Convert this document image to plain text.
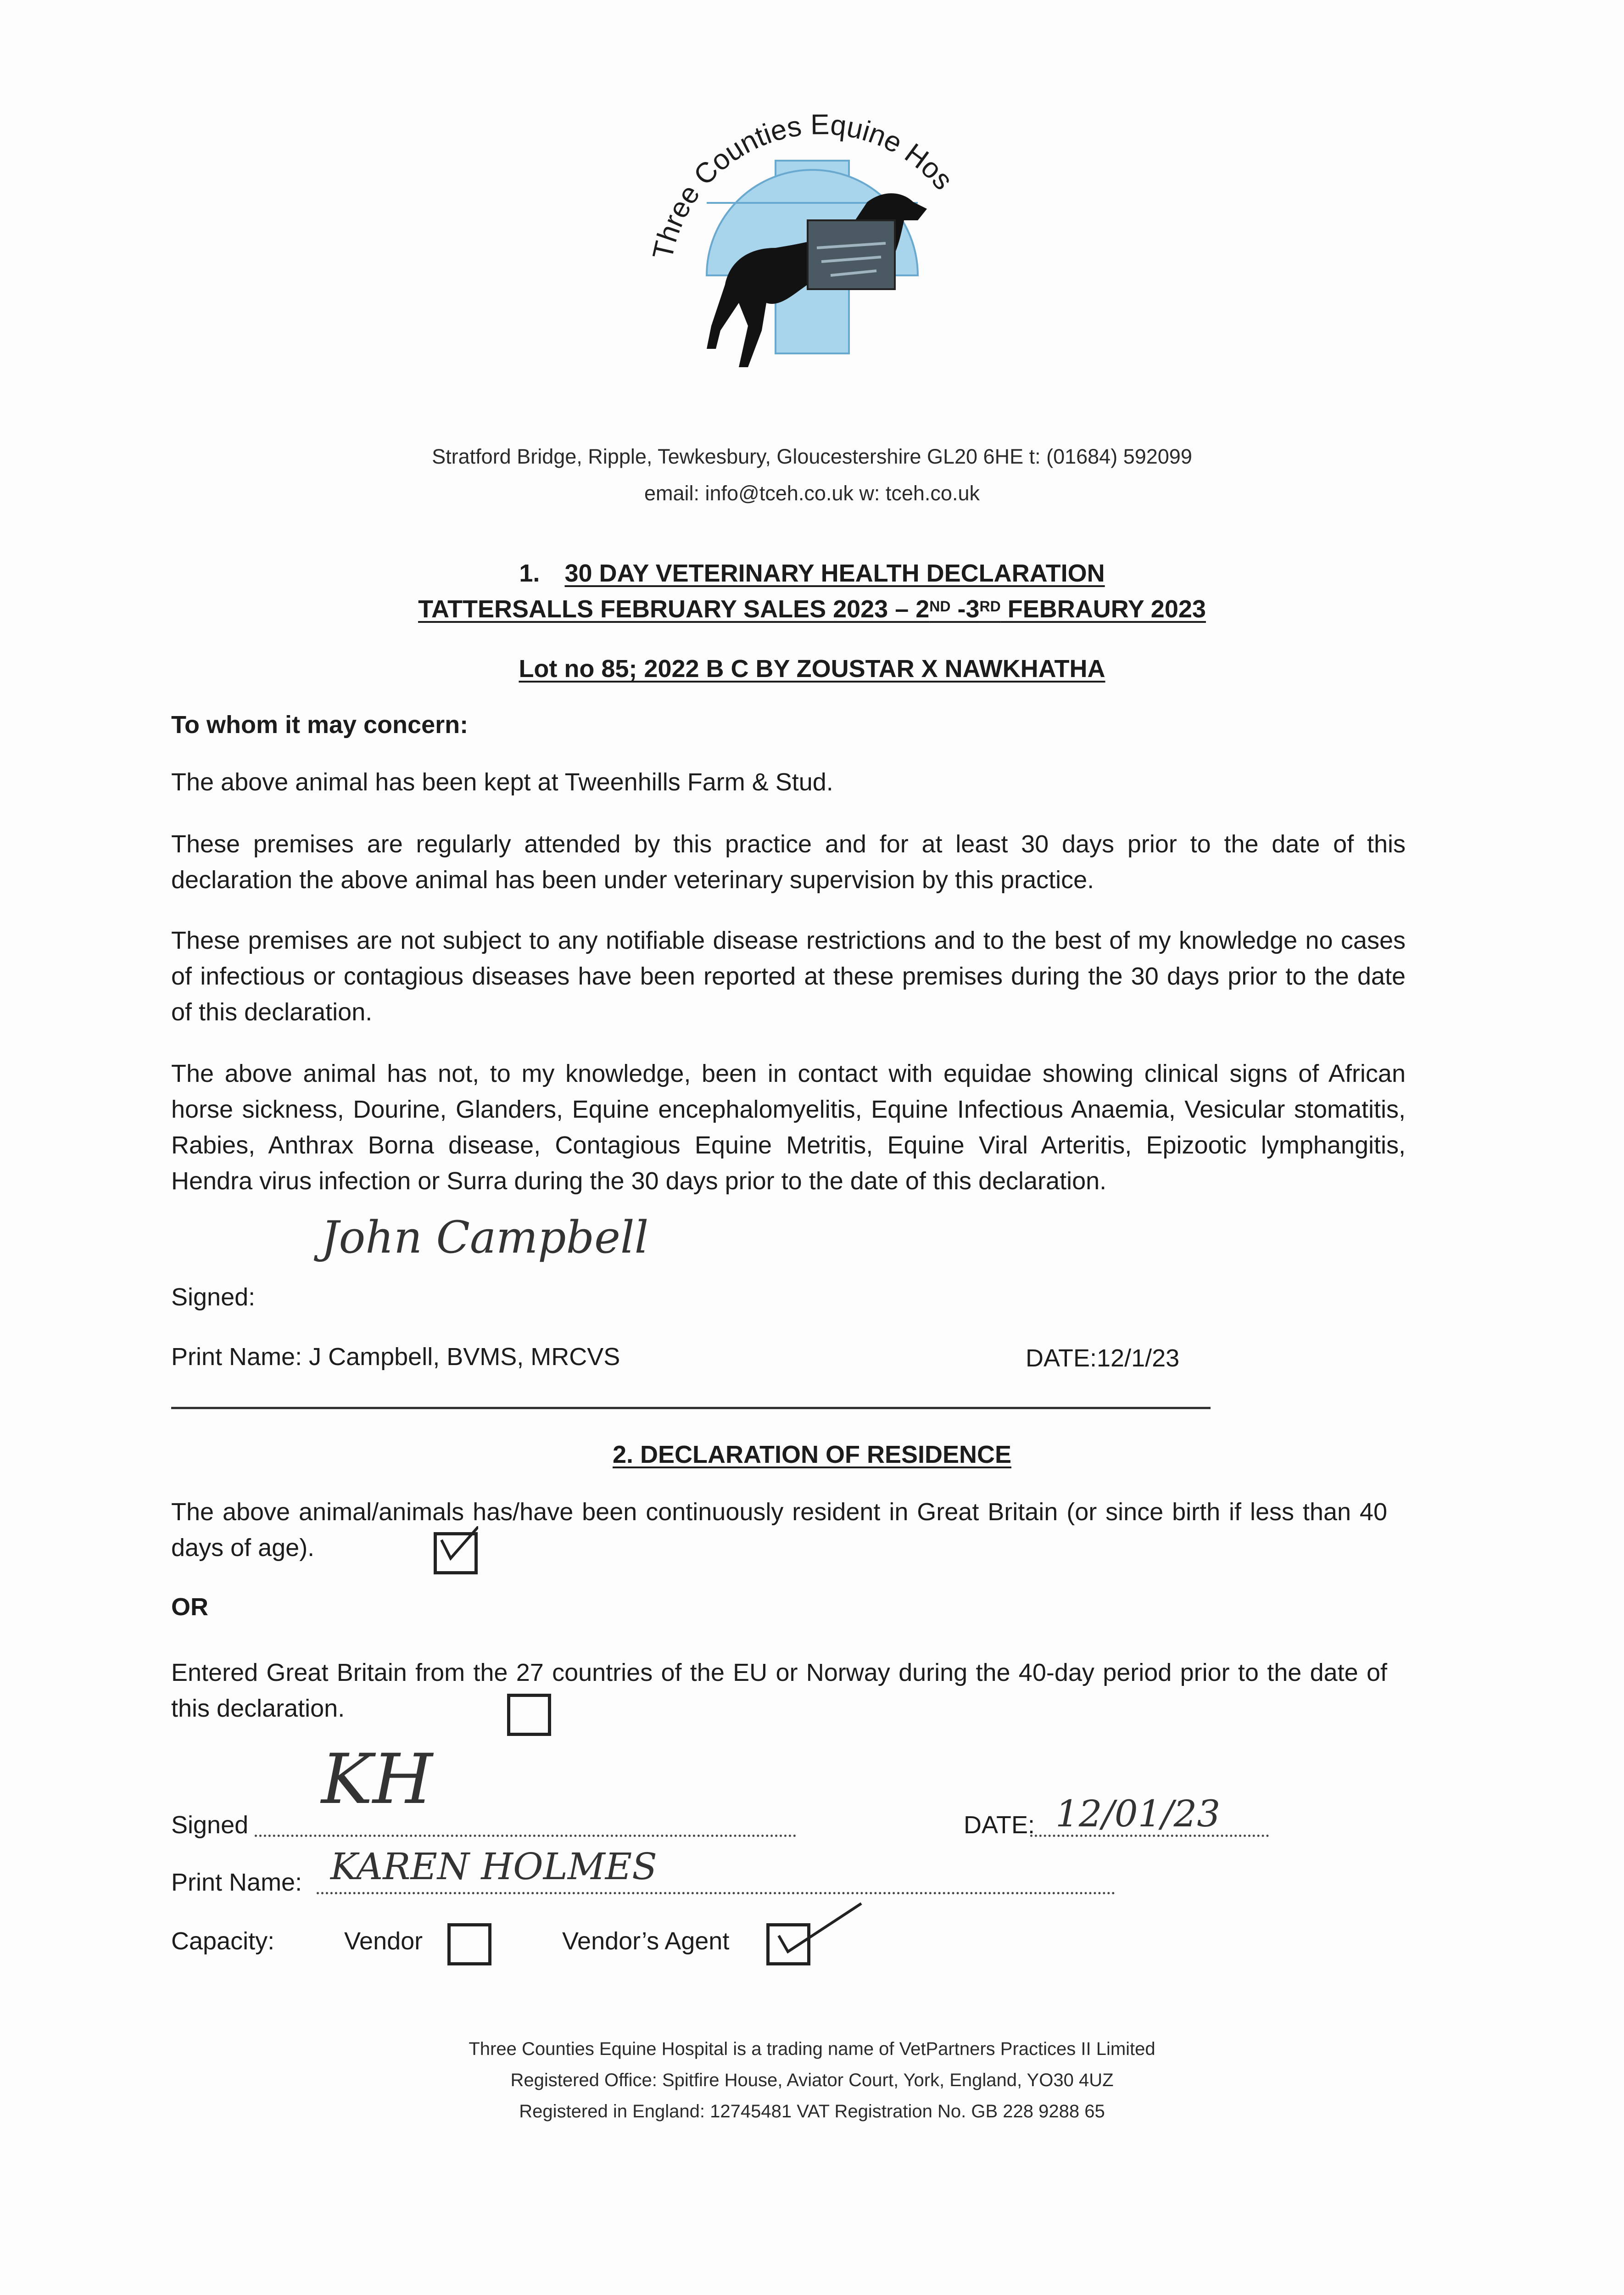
Three Counties Equine Hos
Stratford Bridge, Ripple, Tewkesbury, Gloucestershire GL20 6HE t: (01684) 592099
email: info@tceh.co.uk w: tceh.co.uk
1. 30 DAY VETERINARY HEALTH DECLARATION
TATTERSALLS FEBRUARY SALES 2023 – 2ND -3RD FEBRAURY 2023
Lot no 85; 2022 B C BY ZOUSTAR X NAWKHATHA
To whom it may concern:
The above animal has been kept at Tweenhills Farm & Stud.
These premises are regularly attended by this practice and for at least 30 days prior to the date of this declaration the above animal has been under veterinary supervision by this practice.
These premises are not subject to any notifiable disease restrictions and to the best of my knowledge no cases of infectious or contagious diseases have been reported at these premises during the 30 days prior to the date of this declaration.
The above animal has not, to my knowledge, been in contact with equidae showing clinical signs of African horse sickness, Dourine, Glanders, Equine encephalomyelitis, Equine Infectious Anaemia, Vesicular stomatitis, Rabies, Anthrax Borna disease, Contagious Equine Metritis, Equine Viral Arteritis, Epizootic lymphangitis, Hendra virus infection or Surra during the 30 days prior to the date of this declaration.
Signed:
John Campbell
Print Name: J Campbell, BVMS, MRCVS	DATE:12/1/23
2. DECLARATION OF RESIDENCE
The above animal/animals has/have been continuously resident in Great Britain (or since birth if less than 40 days of age).
OR
Entered Great Britain from the 27 countries of the EU or Norway during the 40-day period prior to the date of this declaration.
Signed
KH
DATE: 12/01/23
Print Name: KAREN HOLMES
Capacity:	Vendor	Vendor’s Agent
Three Counties Equine Hospital is a trading name of VetPartners Practices II Limited
Registered Office: Spitfire House, Aviator Court, York, England, YO30 4UZ
Registered in England: 12745481 VAT Registration No. GB 228 9288 65
